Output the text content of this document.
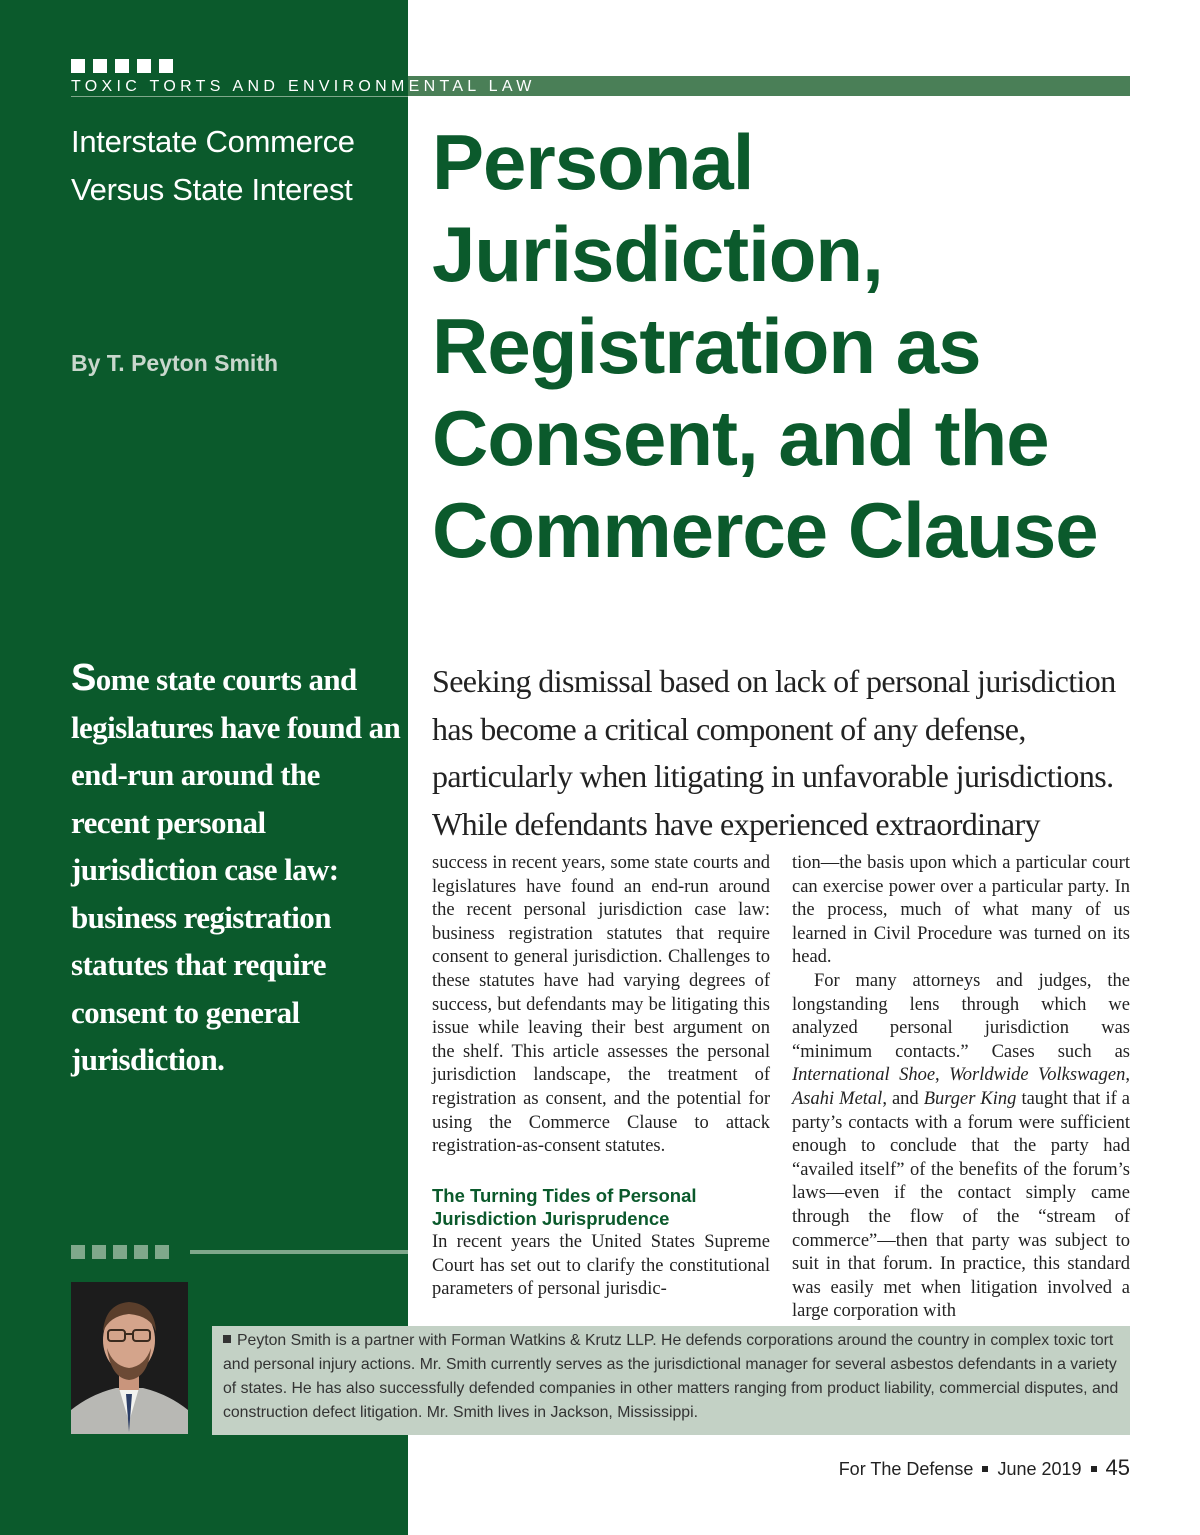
TOXIC TORTS AND ENVIRONMENTAL LAW
Interstate Commerce
Versus State Interest
By T. Peyton Smith
Personal Jurisdiction, Registration as Consent, and the Commerce Clause
Some state courts and legislatures have found an end-run around the recent personal jurisdiction case law: business registration statutes that require consent to general jurisdiction.
Seeking dismissal based on lack of personal jurisdiction has become a critical component of any defense, particularly when litigating in unfavorable jurisdictions. While defendants have experienced extraordinary

success in recent years, some state courts and legislatures have found an end-run around the recent personal jurisdiction case law: business registration statutes that require consent to general jurisdiction. Challenges to these statutes have had varying degrees of success, but defendants may be litigating this issue while leaving their best argument on the shelf. This article assesses the personal jurisdiction landscape, the treatment of registration as consent, and the potential for using the Commerce Clause to attack registration-as-consent statutes.

The Turning Tides of Personal Jurisdiction Jurisprudence

In recent years the United States Supreme Court has set out to clarify the constitutional parameters of personal jurisdic-

tion—the basis upon which a particular court can exercise power over a particular party. In the process, much of what many of us learned in Civil Procedure was turned on its head.

For many attorneys and judges, the longstanding lens through which we analyzed personal jurisdiction was “minimum contacts.” Cases such as International Shoe, Worldwide Volkswagen, Asahi Metal, and Burger King taught that if a party’s contacts with a forum were sufficient enough to conclude that the party had “availed itself” of the benefits of the forum’s laws—even if the contact simply came through the flow of the “stream of commerce”—then that party was subject to suit in that forum. In practice, this standard was easily met when litigation involved a large corporation with

Peyton Smith is a partner with Forman Watkins & Krutz LLP. He defends corporations around the country in complex toxic tort and personal injury actions. Mr. Smith currently serves as the jurisdictional manager for several asbestos defendants in a variety of states. He has also successfully defended companies in other matters ranging from product liability, commercial disputes, and construction defect litigation. Mr. Smith lives in Jackson, Mississippi.
For The Defense June 2019 45
